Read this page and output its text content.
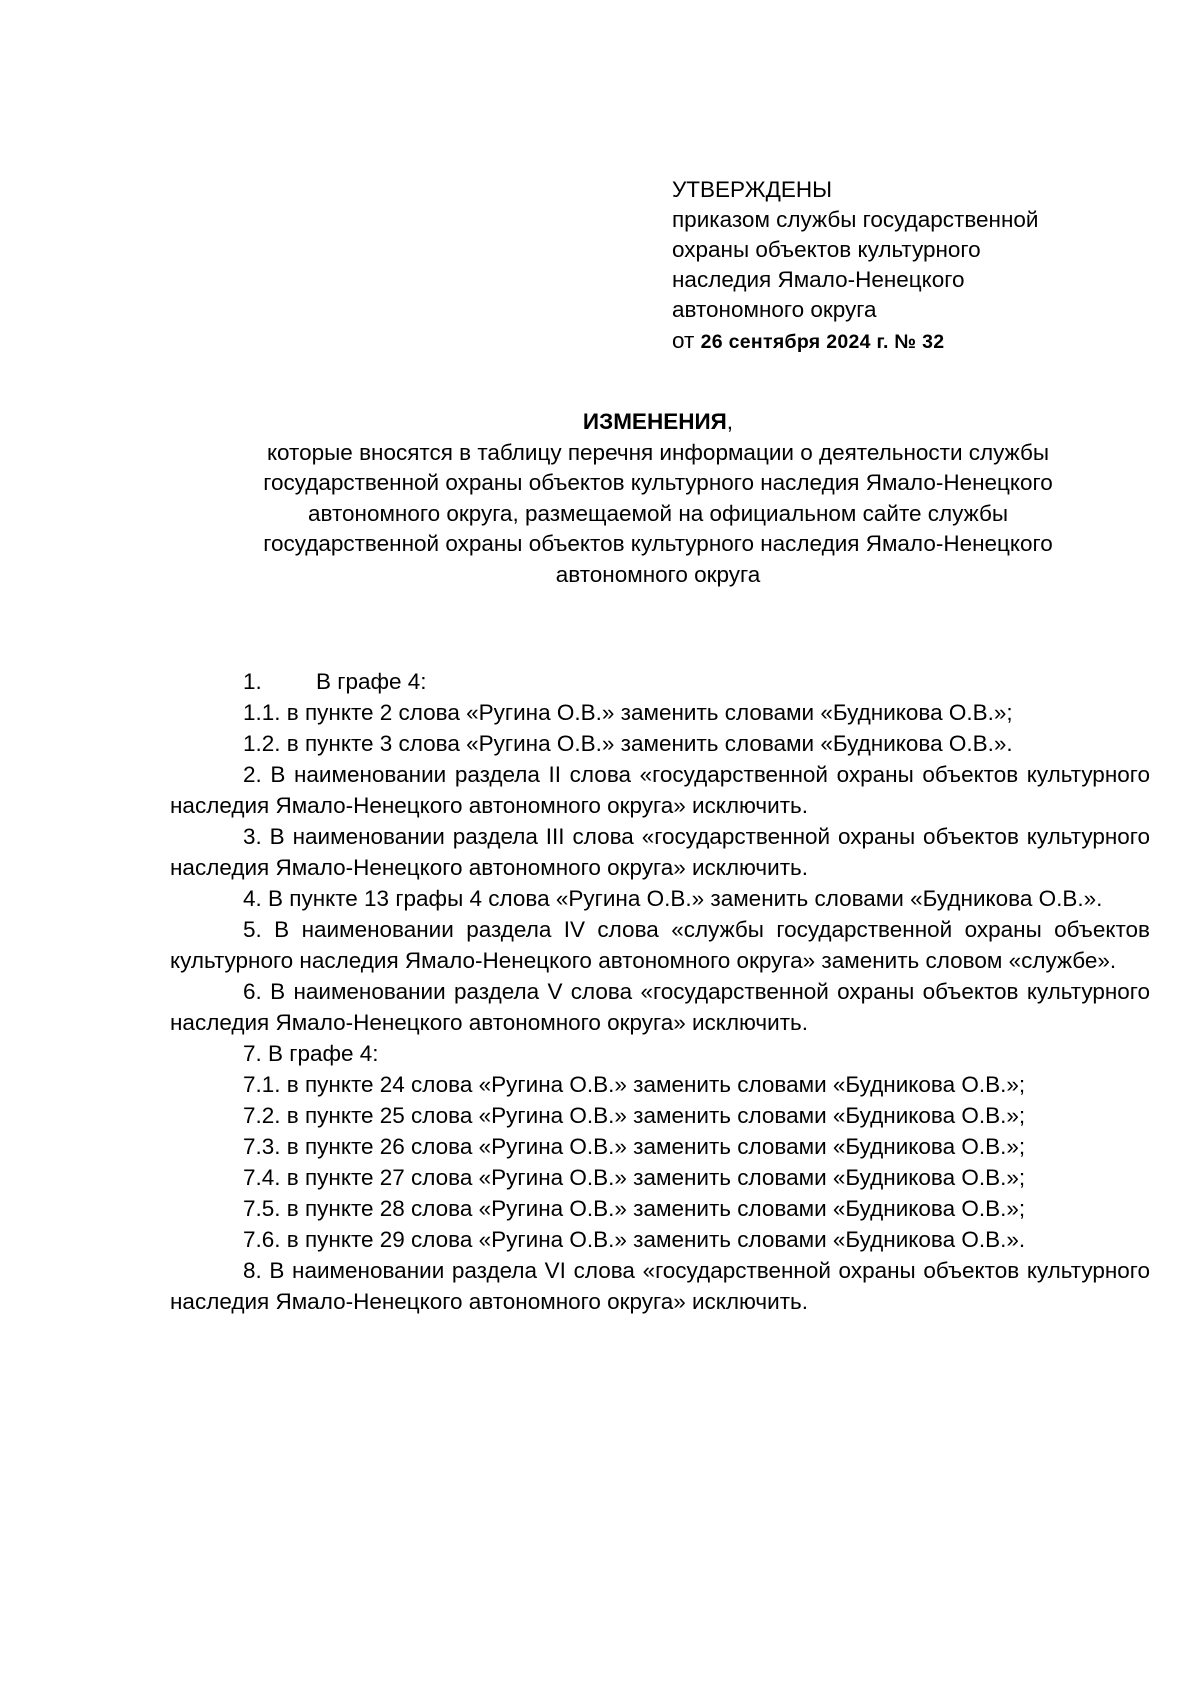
УТВЕРЖДЕНЫ
приказом службы государственной
охраны объектов культурного
наследия Ямало-Ненецкого
автономного округа
от 26 сентября 2024 г. № 32
ИЗМЕНЕНИЯ,
которые вносятся в таблицу перечня информации о деятельности службы
государственной охраны объектов культурного наследия Ямало-Ненецкого
автономного округа, размещаемой на официальном сайте службы
государственной охраны объектов культурного наследия Ямало-Ненецкого
автономного округа

1. В графе 4:

1.1. в пункте 2 слова «Ругина О.В.» заменить словами «Будникова О.В.»;

1.2. в пункте 3 слова «Ругина О.В.» заменить словами «Будникова О.В.».

2. В наименовании раздела II слова «государственной охраны объектов культурного наследия Ямало-Ненецкого автономного округа» исключить.

3. В наименовании раздела III слова «государственной охраны объектов культурного наследия Ямало-Ненецкого автономного округа» исключить.

4. В пункте 13 графы 4 слова «Ругина О.В.» заменить словами «Будникова О.В.».

5. В наименовании раздела IV слова «службы государственной охраны объектов культурного наследия Ямало-Ненецкого автономного округа» заменить словом «службе».

6. В наименовании раздела V слова «государственной охраны объектов культурного наследия Ямало-Ненецкого автономного округа» исключить.

7. В графе 4:

7.1. в пункте 24 слова «Ругина О.В.» заменить словами «Будникова О.В.»;

7.2. в пункте 25 слова «Ругина О.В.» заменить словами «Будникова О.В.»;

7.3. в пункте 26 слова «Ругина О.В.» заменить словами «Будникова О.В.»;

7.4. в пункте 27 слова «Ругина О.В.» заменить словами «Будникова О.В.»;

7.5. в пункте 28 слова «Ругина О.В.» заменить словами «Будникова О.В.»;

7.6. в пункте 29 слова «Ругина О.В.» заменить словами «Будникова О.В.».

8. В наименовании раздела VI слова «государственной охраны объектов культурного наследия Ямало-Ненецкого автономного округа» исключить.
